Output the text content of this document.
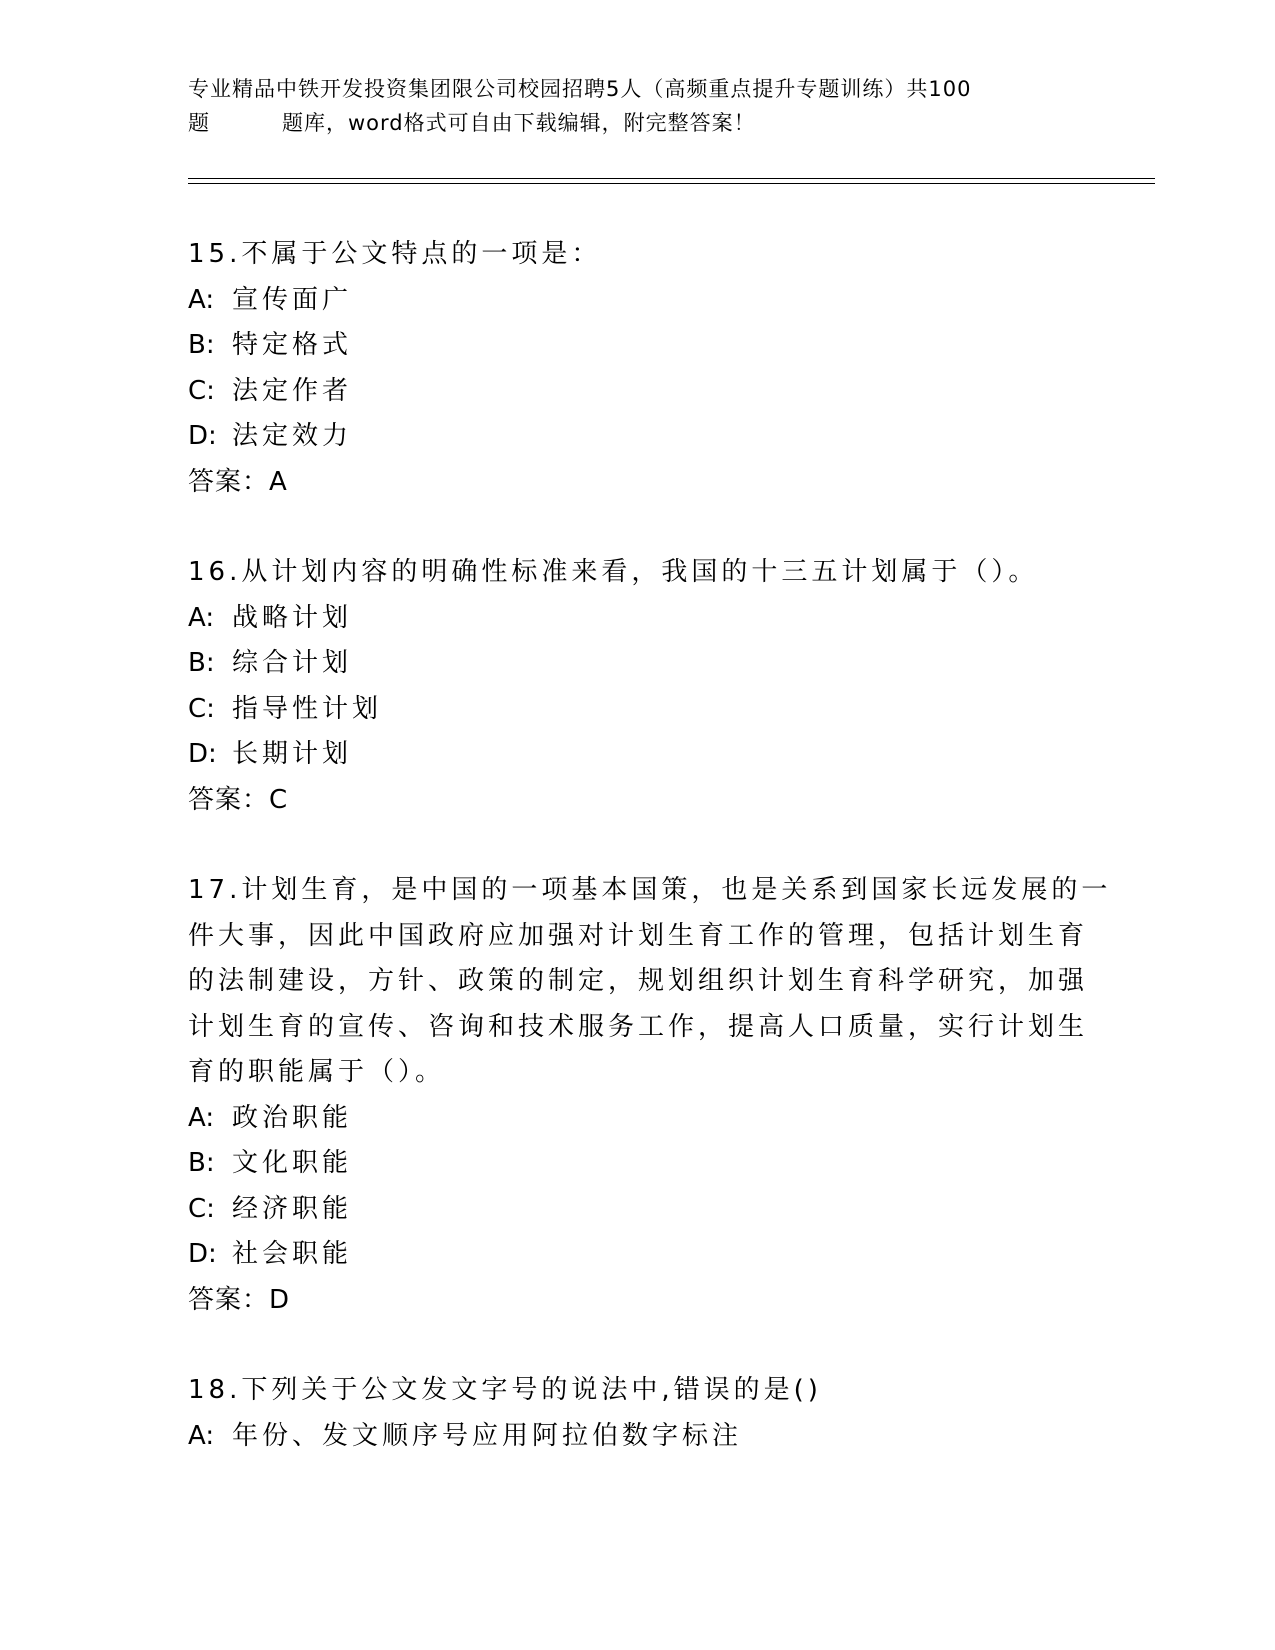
专业精品中铁开发投资集团限公司校园招聘5人（高频重点提升专题训练）共100
题	题库，word格式可自由下载编辑，附完整答案！
15.不属于公文特点的一项是：
A: 宣传面广
B: 特定格式
C: 法定作者
D: 法定效力
答案：A
16.从计划内容的明确性标准来看，我国的十三五计划属于（）。
A: 战略计划
B: 综合计划
C: 指导性计划
D: 长期计划
答案：C
17.计划生育，是中国的一项基本国策，也是关系到国家长远发展的一
件大事，因此中国政府应加强对计划生育工作的管理，包括计划生育
的法制建设，方针、政策的制定，规划组织计划生育科学研究，加强
计划生育的宣传、咨询和技术服务工作，提高人口质量，实行计划生
育的职能属于（）。
A: 政治职能
B: 文化职能
C: 经济职能
D: 社会职能
答案：D
18.下列关于公文发文字号的说法中,错误的是()
A: 年份、发文顺序号应用阿拉伯数字标注
